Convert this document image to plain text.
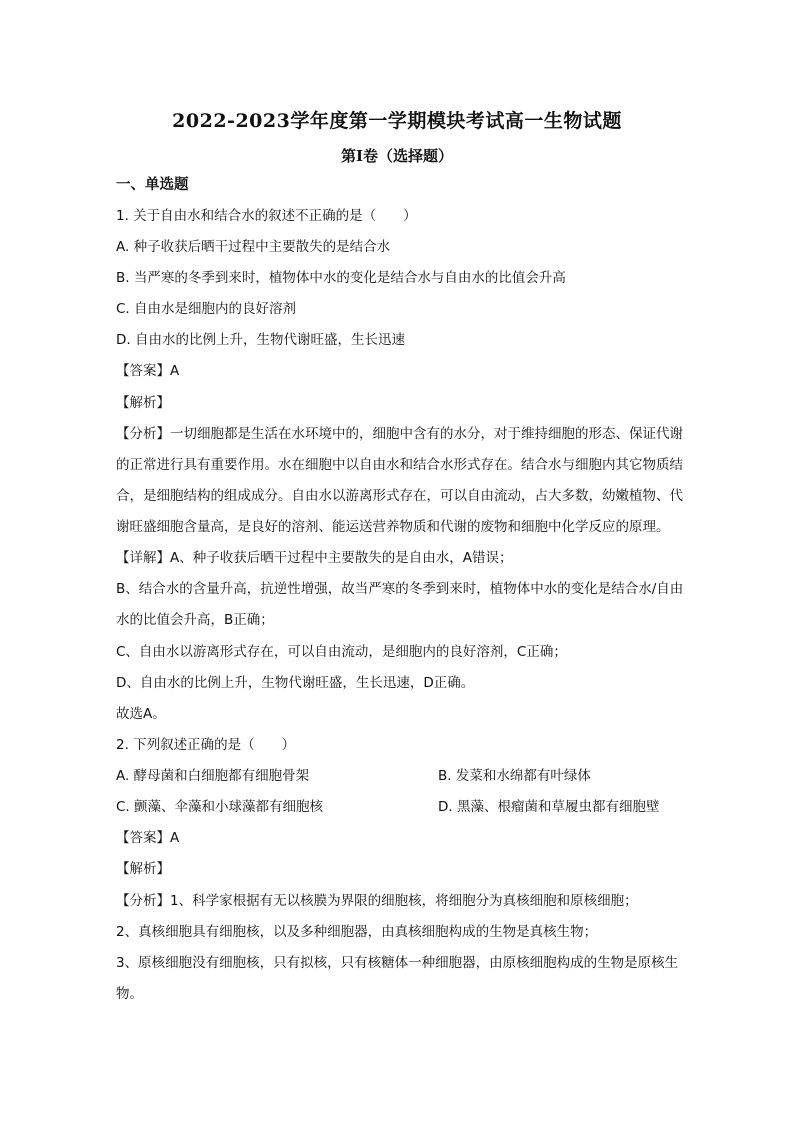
2022-2023学年度第一学期模块考试高一生物试题
第Ⅰ卷（选择题）
一、单选题
1. 关于自由水和结合水的叙述不正确的是（　　）
A. 种子收获后晒干过程中主要散失的是结合水
B. 当严寒的冬季到来时，植物体中水的变化是结合水与自由水的比值会升高
C. 自由水是细胞内的良好溶剂
D. 自由水的比例上升，生物代谢旺盛，生长迅速
【答案】A
【解析】
【分析】一切细胞都是生活在水环境中的，细胞中含有的水分，对于维持细胞的形态、保证代谢
的正常进行具有重要作用。水在细胞中以自由水和结合水形式存在。结合水与细胞内其它物质结
合，是细胞结构的组成成分。自由水以游离形式存在，可以自由流动，占大多数，幼嫩植物、代
谢旺盛细胞含量高，是良好的溶剂、能运送营养物质和代谢的废物和细胞中化学反应的原理。
【详解】A、种子收获后晒干过程中主要散失的是自由水，A错误；
B、结合水的含量升高，抗逆性增强，故当严寒的冬季到来时，植物体中水的变化是结合水/自由
水的比值会升高，B正确；
C、自由水以游离形式存在，可以自由流动，是细胞内的良好溶剂，C正确；
D、自由水的比例上升，生物代谢旺盛，生长迅速，D正确。
故选A。
2. 下列叙述正确的是（　　）
A. 酵母菌和白细胞都有细胞骨架	B. 发菜和水绵都有叶绿体
C. 颤藻、伞藻和小球藻都有细胞核	D. 黑藻、根瘤菌和草履虫都有细胞壁
【答案】A
【解析】
【分析】1、科学家根据有无以核膜为界限的细胞核，将细胞分为真核细胞和原核细胞；
2、真核细胞具有细胞核，以及多种细胞器，由真核细胞构成的生物是真核生物；
3、原核细胞没有细胞核，只有拟核，只有核糖体一种细胞器，由原核细胞构成的生物是原核生
物。
